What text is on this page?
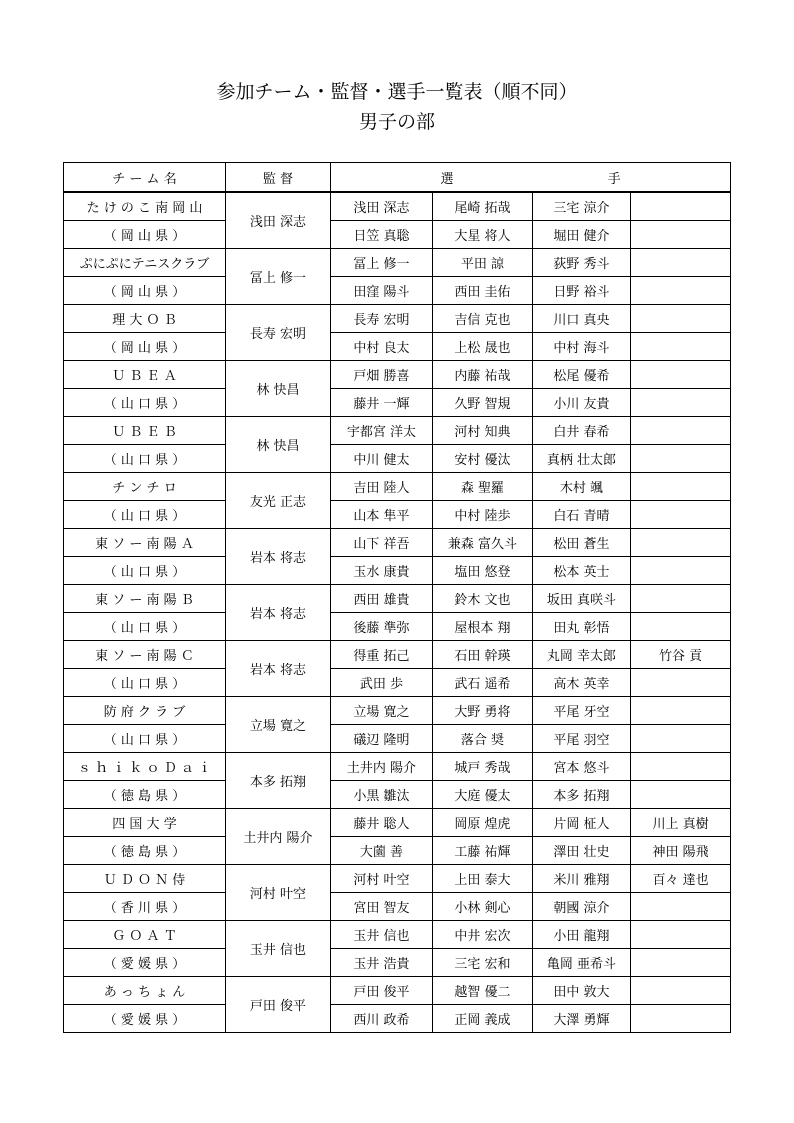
参加チーム・監督・選手一覧表（順不同）
男子の部
チ ー ム 名	監 督	選 手			
た け の こ 南 岡 山	浅田 深志	浅田 深志	尾崎 拓哉	三宅 涼介	
（ 岡 山 県 ）		日笠 真聡	大星 将人	堀田 健介	
ぷにぷにテニスクラブ	冨上 修一	冨上 修一	平田 諒	荻野 秀斗	
（ 岡 山 県 ）		田窪 陽斗	西田 圭佑	日野 裕斗	
理 大 Ｏ Ｂ	長寿 宏明	長寿 宏明	吉信 克也	川口 真央	
（ 岡 山 県 ）		中村 良太	上松 晟也	中村 海斗	
Ｕ Ｂ Ｅ Ａ	林 快昌	戸畑 勝喜	内藤 祐哉	松尾 優希	
（ 山 口 県 ）		藤井 一輝	久野 智規	小川 友貴	
Ｕ Ｂ Ｅ Ｂ	林 快昌	宇都宮 洋太	河村 知典	白井 春希	
（ 山 口 県 ）		中川 健太	安村 優汰	真柄 壮太郎	
チ ン チ ロ	友光 正志	吉田 陸人	森 聖羅	木村 颯	
（ 山 口 県 ）		山本 隼平	中村 陸歩	白石 青晴	
東 ソ ー 南 陽 Ａ	岩本 将志	山下 祥吾	兼森 富久斗	松田 蒼生	
（ 山 口 県 ）		玉水 康貴	塩田 悠登	松本 英士	
東 ソ ー 南 陽 Ｂ	岩本 将志	西田 雄貴	鈴木 文也	坂田 真咲斗	
（ 山 口 県 ）		後藤 準弥	屋根本 翔	田丸 彰悟	
東 ソ ー 南 陽 Ｃ	岩本 将志	得重 拓己	石田 幹瑛	丸岡 幸太郎	竹谷 貢
（ 山 口 県 ）		武田 歩	武石 遥希	高木 英幸	
防 府 ク ラ ブ	立場 寛之	立場 寛之	大野 勇将	平尾 牙空	
（ 山 口 県 ）		礒辺 隆明	落合 奨	平尾 羽空	
ｓ ｈ ｉ ｋ ｏ Ｄ ａ ｉ	本多 拓翔	土井内 陽介	城戸 秀哉	宮本 悠斗	
（ 徳 島 県 ）		小黒 雛汰	大庭 優太	本多 拓翔	
四 国 大 学	土井内 陽介	藤井 聡人	岡原 煌虎	片岡 柾人	川上 真樹
（ 徳 島 県 ）		大薗 善	工藤 祐輝	澤田 壮史	神田 陽飛
Ｕ Ｄ Ｏ Ｎ 侍	河村 叶空	河村 叶空	上田 泰大	米川 雅翔	百々 達也
（ 香 川 県 ）		宮田 智友	小林 剣心	朝國 涼介	
Ｇ Ｏ Ａ Ｔ	玉井 信也	玉井 信也	中井 宏次	小田 龍翔	
（ 愛 媛 県 ）		玉井 浩貴	三宅 宏和	亀岡 亜希斗	
あ っ ち ょ ん	戸田 俊平	戸田 俊平	越智 優二	田中 敦大	
（ 愛 媛 県 ）		西川 政希	正岡 義成	大澤 勇輝	
